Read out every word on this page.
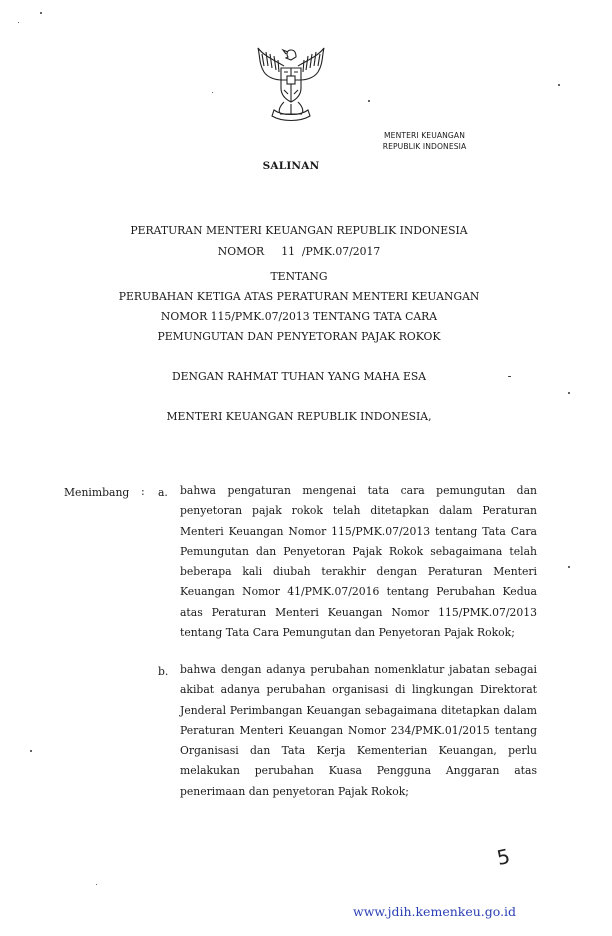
MENTERI KEUANGAN
REPUBLIK INDONESIA
SALINAN
PERATURAN MENTERI KEUANGAN REPUBLIK INDONESIA
NOMOR     11  /PMK.07/2017
TENTANG
PERUBAHAN KETIGA ATAS PERATURAN MENTERI KEUANGAN
NOMOR 115/PMK.07/2013 TENTANG TATA CARA
PEMUNGUTAN DAN PENYETORAN PAJAK ROKOK
DENGAN RAHMAT TUHAN YANG MAHA ESA
MENTERI KEUANGAN REPUBLIK INDONESIA,
Menimbang : a. bahwa pengaturan mengenai tata cara pemungutan dan penyetoran pajak rokok telah ditetapkan dalam Peraturan Menteri Keuangan Nomor 115/PMK.07/2013 tentang Tata Cara Pemungutan dan Penyetoran Pajak Rokok sebagaimana telah beberapa kali diubah terakhir dengan Peraturan Menteri Keuangan Nomor 41/PMK.07/2016 tentang Perubahan Kedua atas Peraturan Menteri Keuangan Nomor 115/PMK.07/2013 tentang Tata Cara Pemungutan dan Penyetoran Pajak Rokok;
b. bahwa dengan adanya perubahan nomenklatur jabatan sebagai akibat adanya perubahan organisasi di lingkungan Direktorat Jenderal Perimbangan Keuangan sebagaimana ditetapkan dalam Peraturan Menteri Keuangan Nomor 234/PMK.01/2015 tentang Organisasi dan Tata Kerja Kementerian Keuangan, perlu melakukan perubahan Kuasa Pengguna Anggaran atas penerimaan dan penyetoran Pajak Rokok;
5
www.jdih.kemenkeu.go.id
